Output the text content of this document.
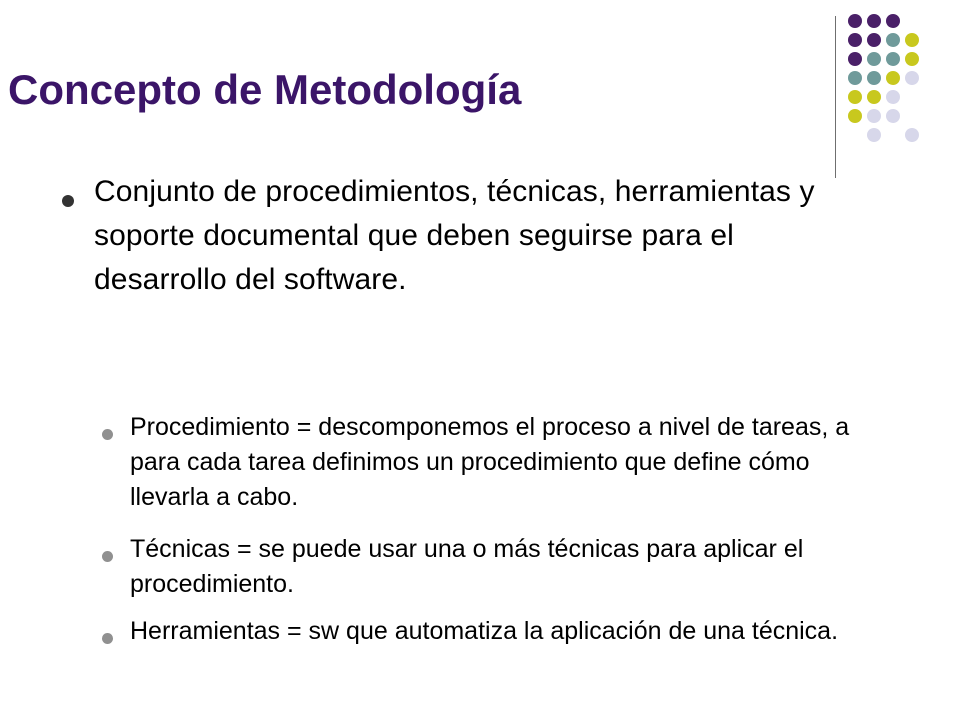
Concepto de Metodología
Conjunto de procedimientos, técnicas, herramientas y soporte documental que deben seguirse para el desarrollo del software.
Procedimiento = descomponemos el proceso a nivel de tareas, a para cada tarea definimos un procedimiento que define cómo llevarla a cabo.
Técnicas = se puede usar una o más técnicas para aplicar el procedimiento.
Herramientas = sw que automatiza la aplicación de una técnica.
